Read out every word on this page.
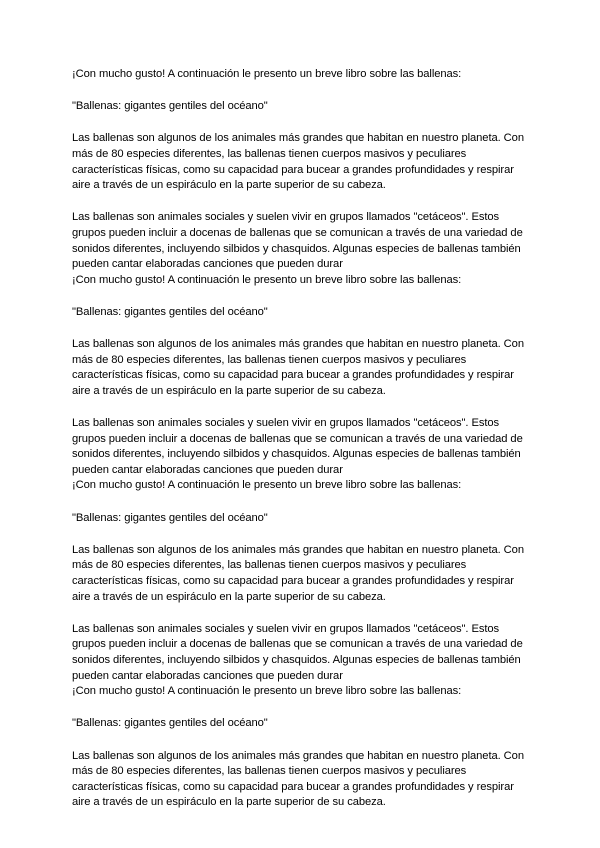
¡Con mucho gusto! A continuación le presento un breve libro sobre las ballenas:
"Ballenas: gigantes gentiles del océano"
Las ballenas son algunos de los animales más grandes que habitan en nuestro planeta. Con
más de 80 especies diferentes, las ballenas tienen cuerpos masivos y peculiares
características físicas, como su capacidad para bucear a grandes profundidades y respirar
aire a través de un espiráculo en la parte superior de su cabeza.
Las ballenas son animales sociales y suelen vivir en grupos llamados "cetáceos". Estos
grupos pueden incluir a docenas de ballenas que se comunican a través de una variedad de
sonidos diferentes, incluyendo silbidos y chasquidos. Algunas especies de ballenas también
pueden cantar elaboradas canciones que pueden durar
¡Con mucho gusto! A continuación le presento un breve libro sobre las ballenas:
"Ballenas: gigantes gentiles del océano"
Las ballenas son algunos de los animales más grandes que habitan en nuestro planeta. Con
más de 80 especies diferentes, las ballenas tienen cuerpos masivos y peculiares
características físicas, como su capacidad para bucear a grandes profundidades y respirar
aire a través de un espiráculo en la parte superior de su cabeza.
Las ballenas son animales sociales y suelen vivir en grupos llamados "cetáceos". Estos
grupos pueden incluir a docenas de ballenas que se comunican a través de una variedad de
sonidos diferentes, incluyendo silbidos y chasquidos. Algunas especies de ballenas también
pueden cantar elaboradas canciones que pueden durar
¡Con mucho gusto! A continuación le presento un breve libro sobre las ballenas:
"Ballenas: gigantes gentiles del océano"
Las ballenas son algunos de los animales más grandes que habitan en nuestro planeta. Con
más de 80 especies diferentes, las ballenas tienen cuerpos masivos y peculiares
características físicas, como su capacidad para bucear a grandes profundidades y respirar
aire a través de un espiráculo en la parte superior de su cabeza.
Las ballenas son animales sociales y suelen vivir en grupos llamados "cetáceos". Estos
grupos pueden incluir a docenas de ballenas que se comunican a través de una variedad de
sonidos diferentes, incluyendo silbidos y chasquidos. Algunas especies de ballenas también
pueden cantar elaboradas canciones que pueden durar
¡Con mucho gusto! A continuación le presento un breve libro sobre las ballenas:
"Ballenas: gigantes gentiles del océano"
Las ballenas son algunos de los animales más grandes que habitan en nuestro planeta. Con
más de 80 especies diferentes, las ballenas tienen cuerpos masivos y peculiares
características físicas, como su capacidad para bucear a grandes profundidades y respirar
aire a través de un espiráculo en la parte superior de su cabeza.
